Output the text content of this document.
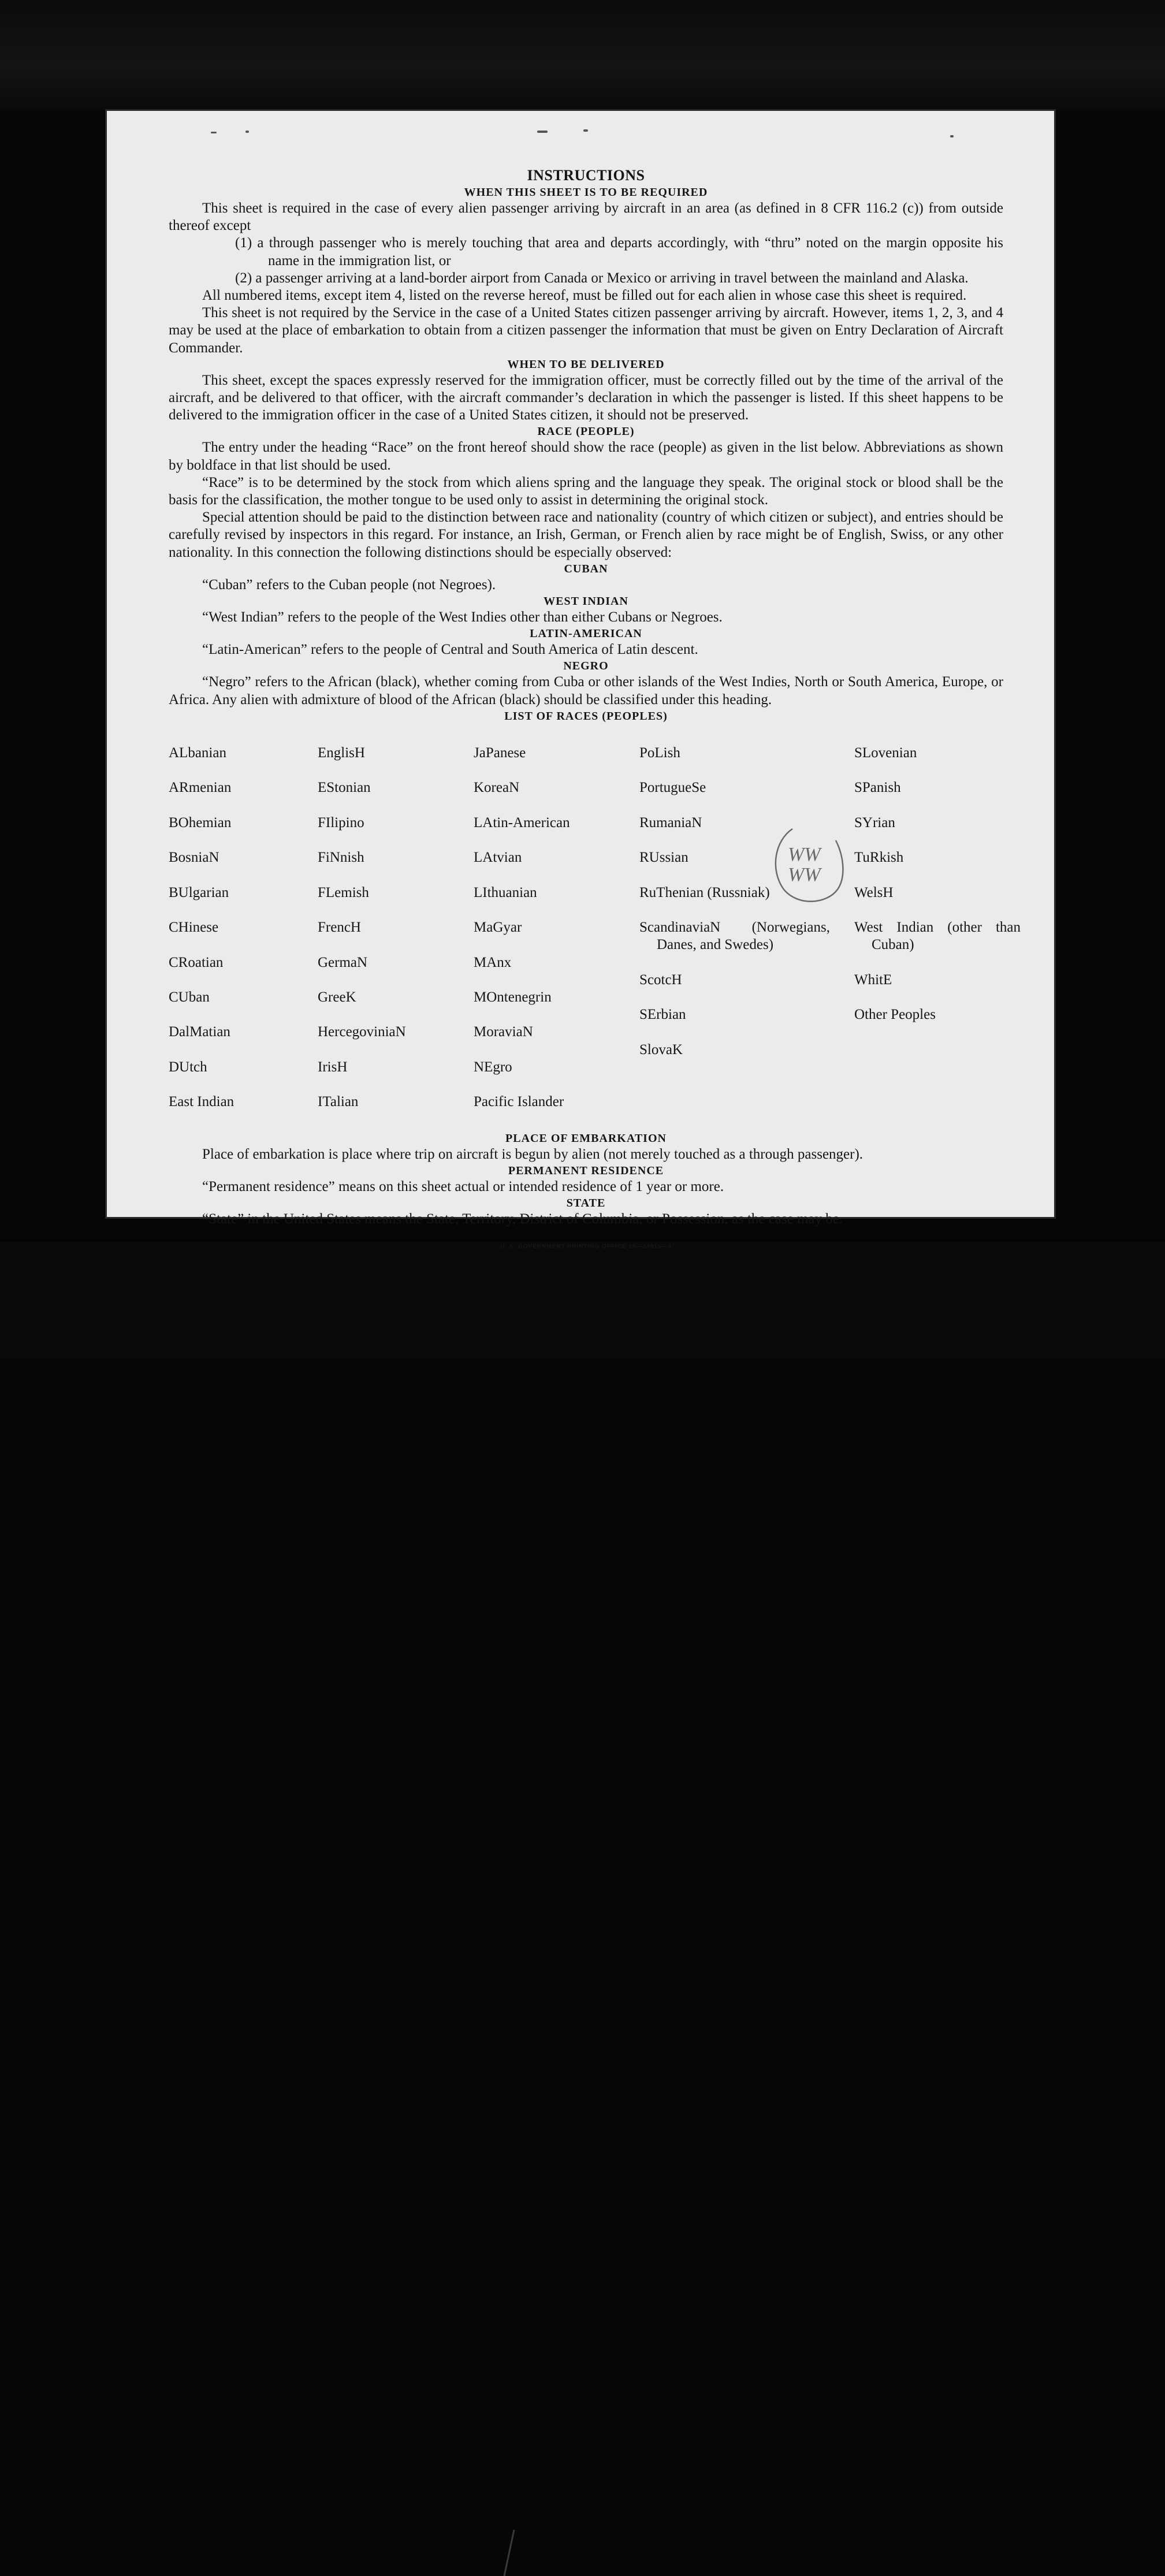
INSTRUCTIONS
WHEN THIS SHEET IS TO BE REQUIRED

This sheet is required in the case of every alien passenger arriving by aircraft in an area (as defined in 8 CFR 116.2 (c)) from outside thereof except

(1) a through passenger who is merely touching that area and departs accordingly, with “thru” noted on the margin opposite his name in the immigration list, or

(2) a passenger arriving at a land-border airport from Canada or Mexico or arriving in travel between the mainland and Alaska.

All numbered items, except item 4, listed on the reverse hereof, must be filled out for each alien in whose case this sheet is required.

This sheet is not required by the Service in the case of a United States citizen passenger arriving by aircraft. However, items 1, 2, 3, and 4 may be used at the place of embarkation to obtain from a citizen passenger the information that must be given on Entry Declaration of Aircraft Commander.

WHEN TO BE DELIVERED

This sheet, except the spaces expressly reserved for the immigration officer, must be correctly filled out by the time of the arrival of the aircraft, and be delivered to that officer, with the aircraft commander’s declaration in which the passenger is listed. If this sheet happens to be delivered to the immigration officer in the case of a United States citizen, it should not be preserved.

RACE (PEOPLE)

The entry under the heading “Race” on the front hereof should show the race (people) as given in the list below. Abbreviations as shown by boldface in that list should be used.

“Race” is to be determined by the stock from which aliens spring and the language they speak. The original stock or blood shall be the basis for the classification, the mother tongue to be used only to assist in determining the original stock.

Special attention should be paid to the distinction between race and nationality (country of which citizen or subject), and entries should be carefully revised by inspectors in this regard. For instance, an Irish, German, or French alien by race might be of English, Swiss, or any other nationality. In this connection the following distinctions should be especially observed:

CUBAN

“Cuban” refers to the Cuban people (not Negroes).

WEST INDIAN

“West Indian” refers to the people of the West Indies other than either Cubans or Negroes.

LATIN-AMERICAN

“Latin-American” refers to the people of Central and South America of Latin descent.

NEGRO

“Negro” refers to the African (black), whether coming from Cuba or other islands of the West Indies, North or South America, Europe, or Africa. Any alien with admixture of blood of the African (black) should be classified under this heading.

LIST OF RACES (PEOPLES)

ALbanian

ARmenian

BOhemian

BosniaN

BUlgarian

CHinese

CRoatian

CUban

DalMatian

DUtch

East Indian

EnglisH

EStonian

FIlipino

FiNnish

FLemish

FrencH

GermaN

GreeK

HercegoviniaN

IrisH

ITalian

JaPanese

KoreaN

LAtin-American

LAtvian

LIthuanian

MaGyar

MAnx

MOntenegrin

MoraviaN

NEgro

Pacific Islander

PoLish

PortugueSe

RumaniaN

RUssian

RuThenian (Russniak)

ScandinaviaN (Norwegians, Danes, and Swedes)

ScotcH

SErbian

SlovaK

SLovenian

SPanish

SYrian

TuRkish

WelsH

West Indian (other than Cuban)

WhitE

Other Peoples

PLACE OF EMBARKATION

Place of embarkation is place where trip on aircraft is begun by alien (not merely touched as a through passenger).

PERMANENT RESIDENCE

“Permanent residence” means on this sheet actual or intended residence of 1 year or more.

STATE

“State” in the United States means the State, Territory, District of Columbia, or Possession, as the case may be.

U. S. GOVERNMENT PRINTING OFFICE 16—24915—4
WW
WW
